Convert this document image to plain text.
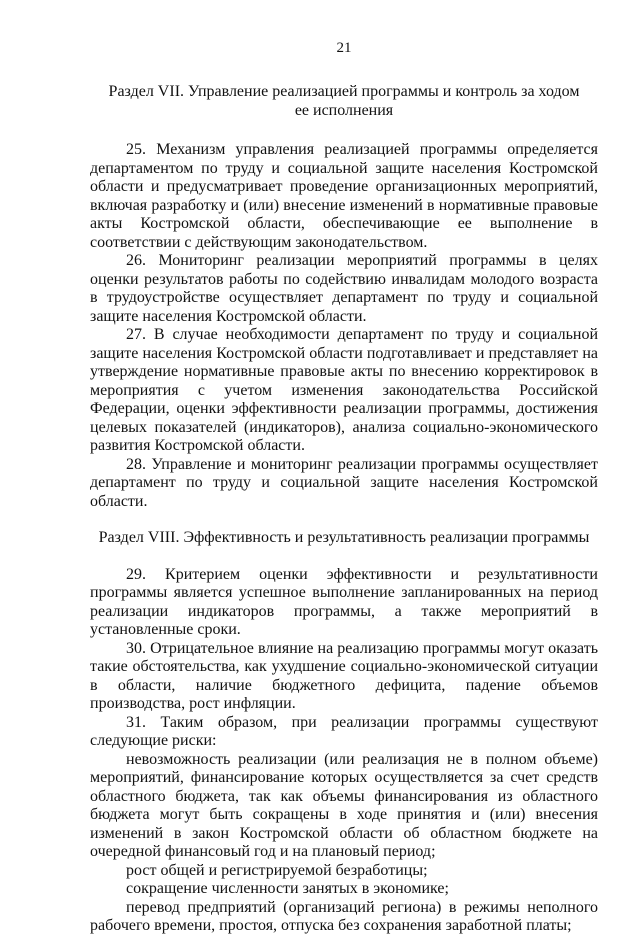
21
Раздел VII. Управление реализацией программы и контроль за ходом
ее исполнения

25. Механизм управления реализацией программы определяется департаментом по труду и социальной защите населения Костромской области и предусматривает проведение организационных мероприятий, включая разработку и (или) внесение изменений в нормативные правовые акты Костромской области, обеспечивающие ее выполнение в соответствии с действующим законодательством.

26. Мониторинг реализации мероприятий программы в целях оценки результатов работы по содействию инвалидам молодого возраста в трудоустройстве осуществляет департамент по труду и социальной защите населения Костромской области.

27. В случае необходимости департамент по труду и социальной защите населения Костромской области подготавливает и представляет на утверждение нормативные правовые акты по внесению корректировок в мероприятия с учетом изменения законодательства Российской Федерации, оценки эффективности реализации программы, достижения целевых показателей (индикаторов), анализа социально-экономического развития Костромской области.

28. Управление и мониторинг реализации программы осуществляет департамент по труду и социальной защите населения Костромской области.

Раздел VIII. Эффективность и результативность реализации программы

29. Критерием оценки эффективности и результативности программы является успешное выполнение запланированных на период реализации индикаторов программы, а также мероприятий в установленные сроки.

30. Отрицательное влияние на реализацию программы могут оказать такие обстоятельства, как ухудшение социально-экономической ситуации в области, наличие бюджетного дефицита, падение объемов производства, рост инфляции.

31. Таким образом, при реализации программы существуют следующие риски:

невозможность реализации (или реализация не в полном объеме) мероприятий, финансирование которых осуществляется за счет средств областного бюджета, так как объемы финансирования из областного бюджета могут быть сокращены в ходе принятия и (или) внесения изменений в закон Костромской области об областном бюджете на очередной финансовый год и на плановый период;

рост общей и регистрируемой безработицы;

сокращение численности занятых в экономике;

перевод предприятий (организаций региона) в режимы неполного рабочего времени, простоя, отпуска без сохранения заработной платы;
